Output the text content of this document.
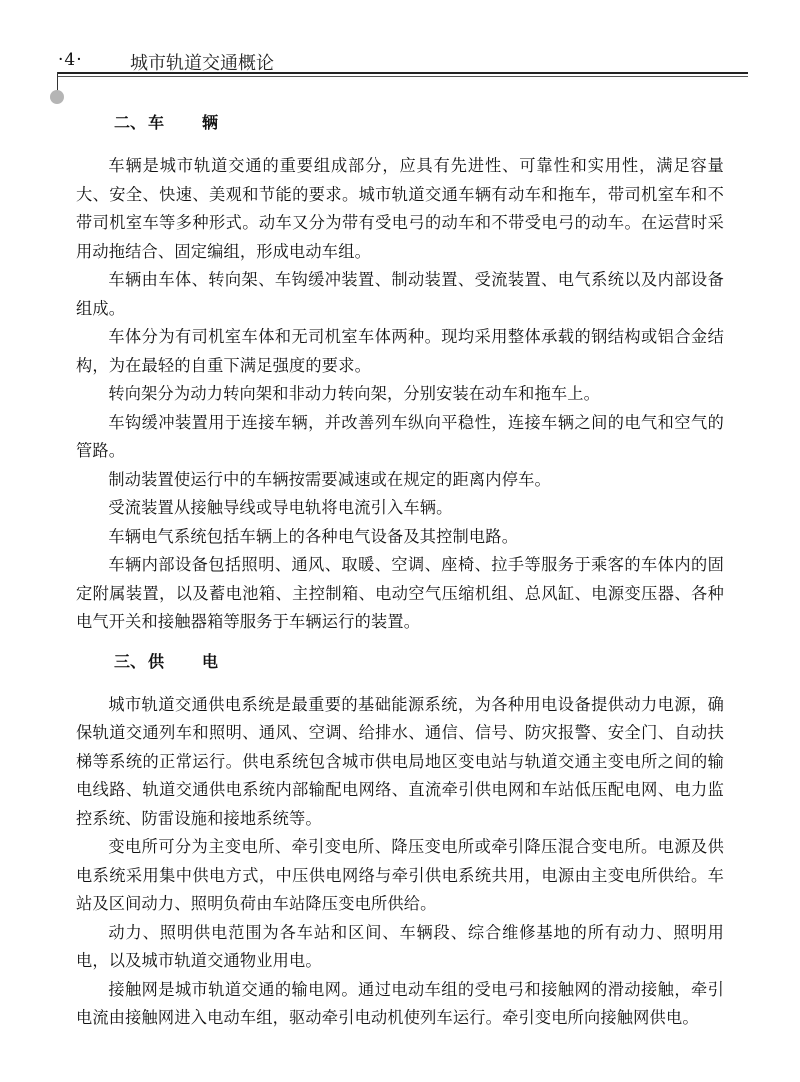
·4·	城市轨道交通概论
二、 车 辆

车辆是城市轨道交通的重要组成部分，应具有先进性、可靠性和实用性，满足容量大、安全、快速、美观和节能的要求。城市轨道交通车辆有动车和拖车，带司机室车和不带司机室车等多种形式。动车又分为带有受电弓的动车和不带受电弓的动车。在运营时采用动拖结合、固定编组，形成电动车组。

车辆由车体、转向架、车钩缓冲装置、制动装置、受流装置、电气系统以及内部设备组成。

车体分为有司机室车体和无司机室车体两种。现均采用整体承载的钢结构或铝合金结构，为在最轻的自重下满足强度的要求。

转向架分为动力转向架和非动力转向架，分别安装在动车和拖车上。

车钩缓冲装置用于连接车辆，并改善列车纵向平稳性，连接车辆之间的电气和空气的管路。

制动装置使运行中的车辆按需要减速或在规定的距离内停车。

受流装置从接触导线或导电轨将电流引入车辆。

车辆电气系统包括车辆上的各种电气设备及其控制电路。

车辆内部设备包括照明、通风、取暖、空调、座椅、拉手等服务于乘客的车体内的固定附属装置，以及蓄电池箱、主控制箱、电动空气压缩机组、总风缸、电源变压器、各种电气开关和接触器箱等服务于车辆运行的装置。

三、 供 电

城市轨道交通供电系统是最重要的基础能源系统，为各种用电设备提供动力电源，确保轨道交通列车和照明、通风、空调、给排水、通信、信号、防灾报警、安全门、自动扶梯等系统的正常运行。供电系统包含城市供电局地区变电站与轨道交通主变电所之间的输电线路、轨道交通供电系统内部输配电网络、直流牵引供电网和车站低压配电网、电力监控系统、防雷设施和接地系统等。

变电所可分为主变电所、牵引变电所、降压变电所或牵引降压混合变电所。电源及供电系统采用集中供电方式，中压供电网络与牵引供电系统共用，电源由主变电所供给。车站及区间动力、照明负荷由车站降压变电所供给。

动力、照明供电范围为各车站和区间、车辆段、综合维修基地的所有动力、照明用电，以及城市轨道交通物业用电。

接触网是城市轨道交通的输电网。通过电动车组的受电弓和接触网的滑动接触，牵引电流由接触网进入电动车组，驱动牵引电动机使列车运行。牵引变电所向接触网供电。
